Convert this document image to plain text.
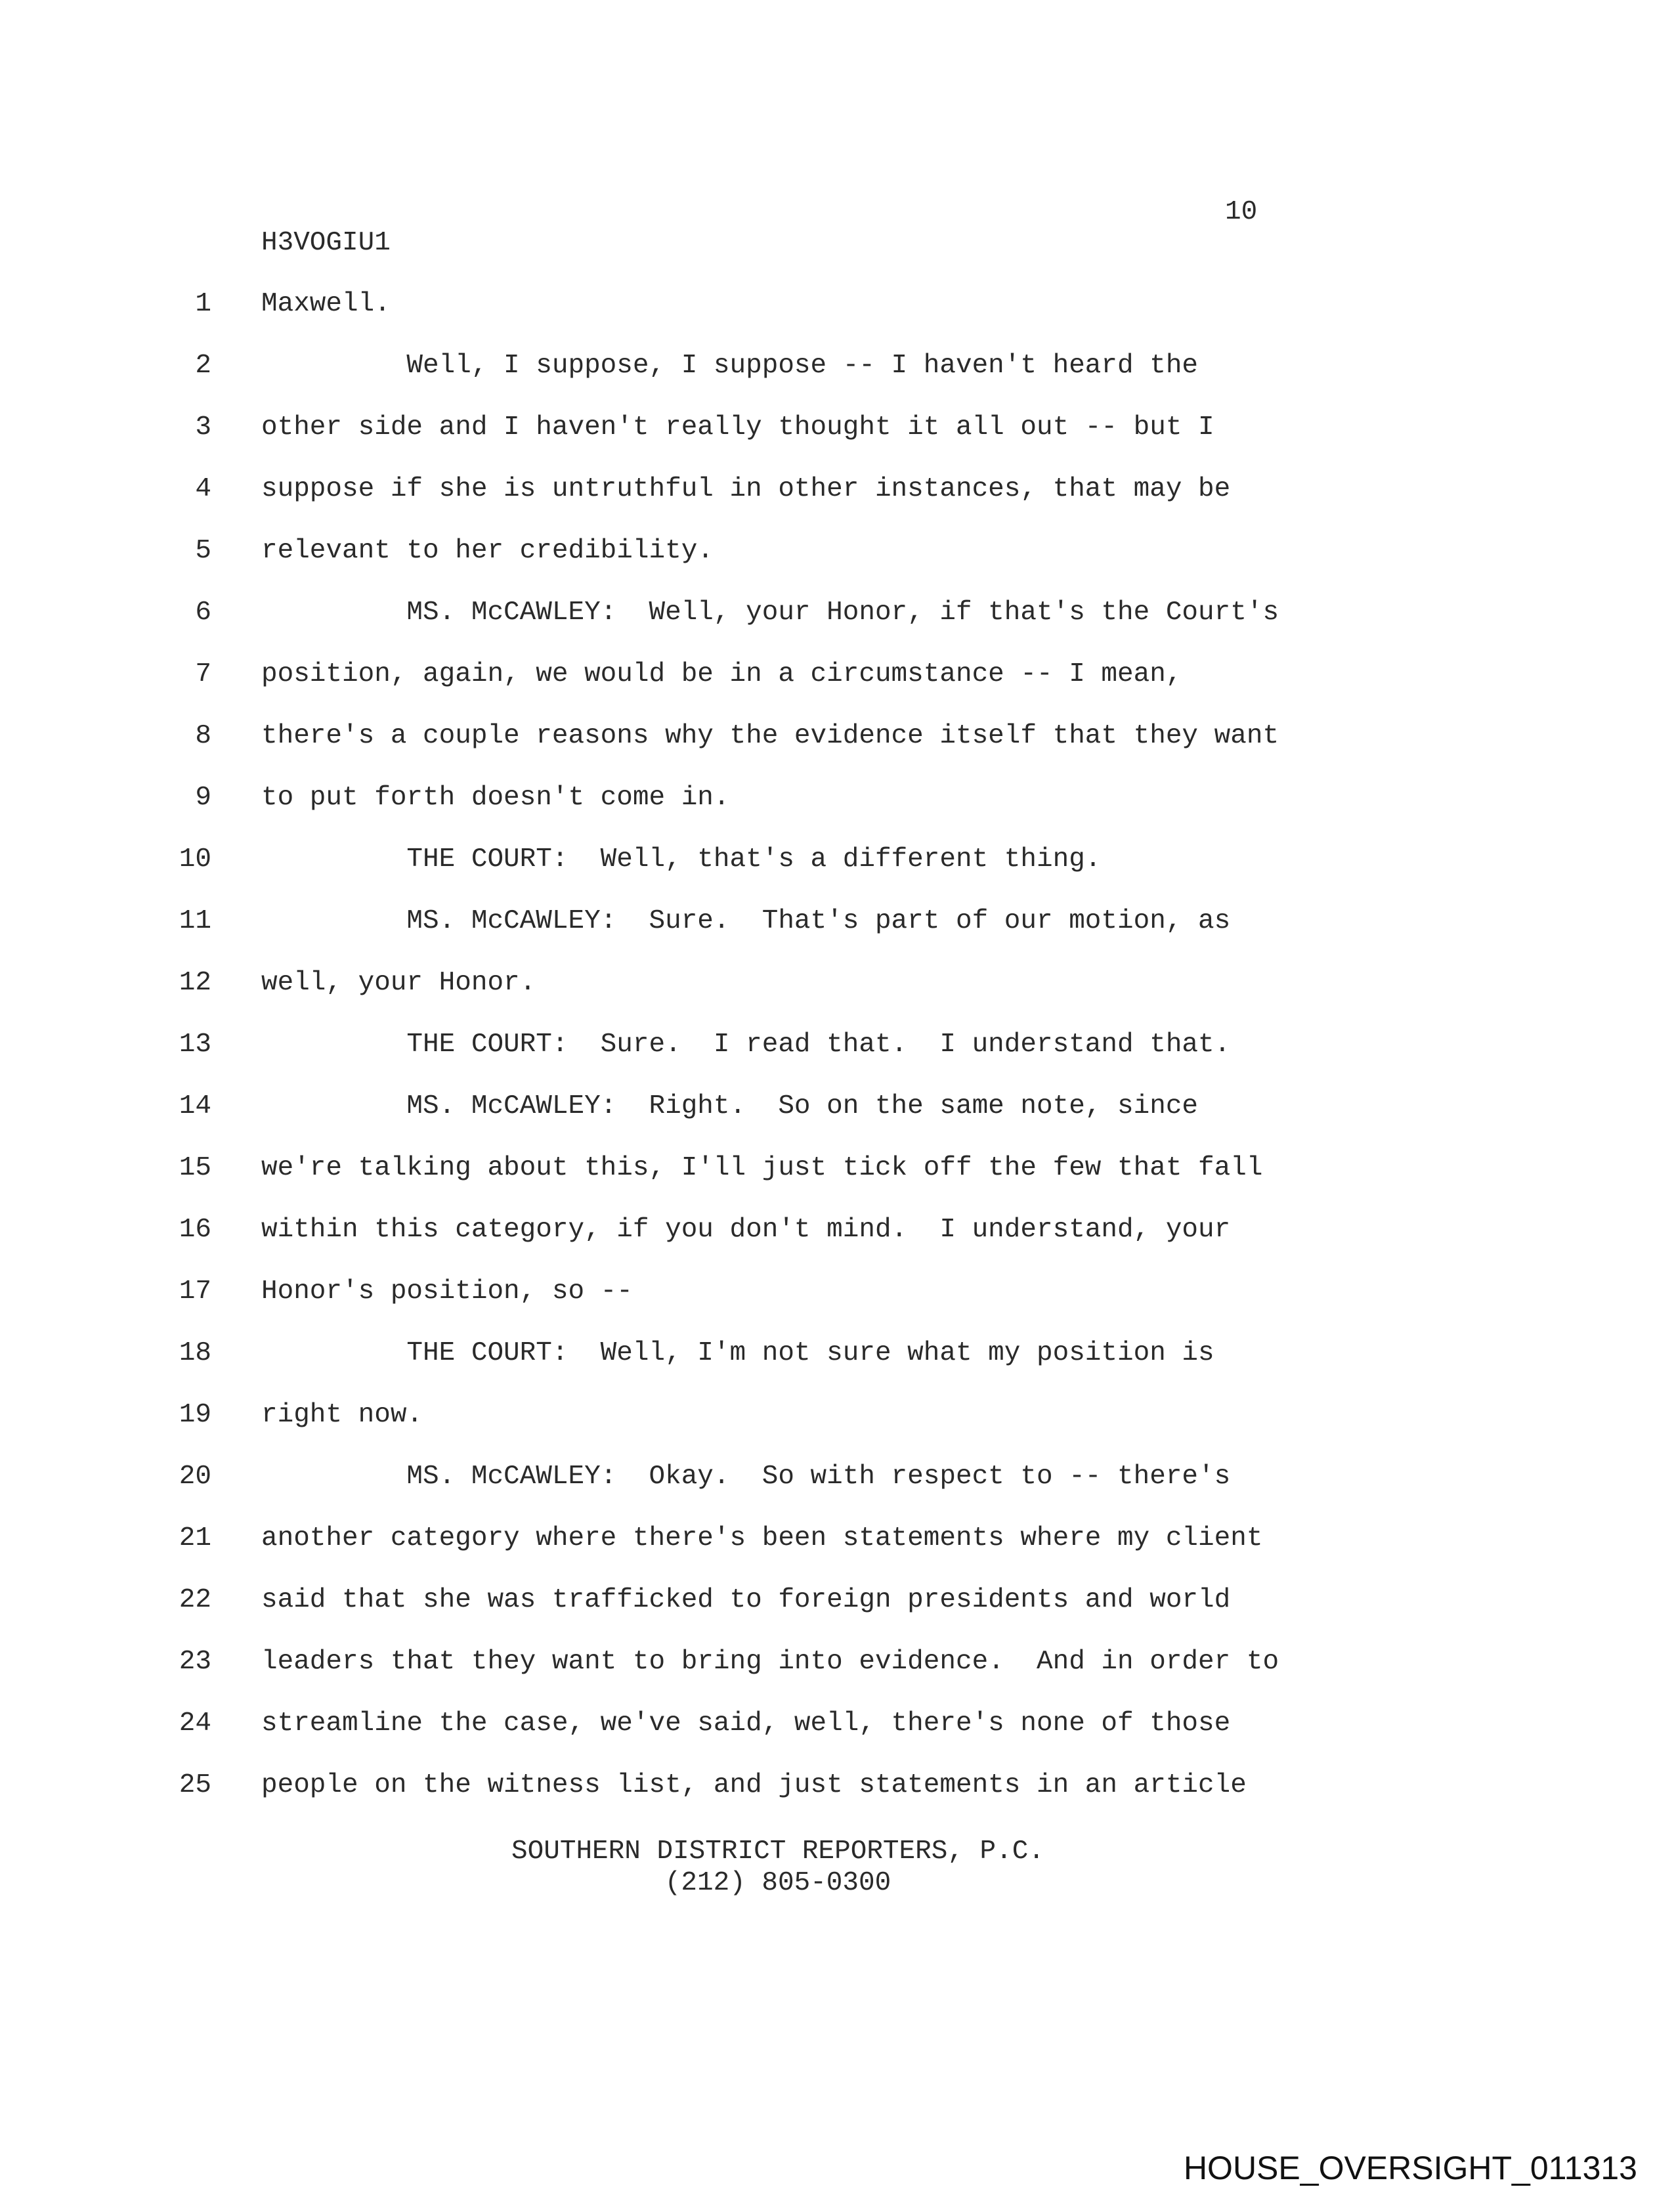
10
H3VOGIU1
1 Maxwell.
2 Well, I suppose, I suppose -- I haven't heard the
3 other side and I haven't really thought it all out -- but I
4 suppose if she is untruthful in other instances, that may be
5 relevant to her credibility.
6 MS. McCAWLEY:  Well, your Honor, if that's the Court's
7 position, again, we would be in a circumstance -- I mean,
8 there's a couple reasons why the evidence itself that they want
9 to put forth doesn't come in.
10 THE COURT:  Well, that's a different thing.
11 MS. McCAWLEY:  Sure.  That's part of our motion, as
12 well, your Honor.
13 THE COURT:  Sure.  I read that.  I understand that.
14 MS. McCAWLEY:  Right.  So on the same note, since
15 we're talking about this, I'll just tick off the few that fall
16 within this category, if you don't mind.  I understand, your
17 Honor's position, so --
18 THE COURT:  Well, I'm not sure what my position is
19 right now.
20 MS. McCAWLEY:  Okay.  So with respect to -- there's
21 another category where there's been statements where my client
22 said that she was trafficked to foreign presidents and world
23 leaders that they want to bring into evidence.  And in order to
24 streamline the case, we've said, well, there's none of those
25 people on the witness list, and just statements in an article
SOUTHERN DISTRICT REPORTERS, P.C.
(212) 805-0300
HOUSE_OVERSIGHT_011313
